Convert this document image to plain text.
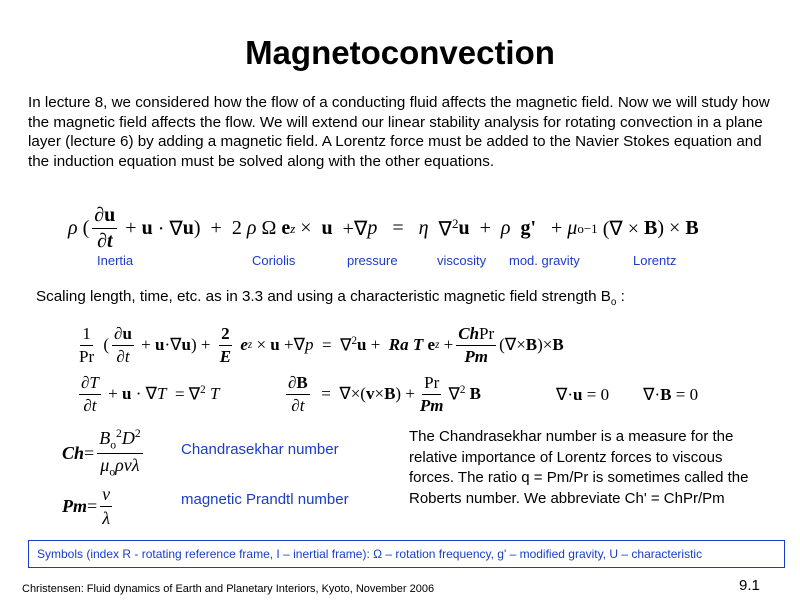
Magnetoconvection

In lecture 8, we considered how the flow of a conducting fluid affects the magnetic field. Now we will study how the magnetic field affects the flow. We will extend our linear stability analysis for rotating convection in a plane layer (lecture 6) by adding a magnetic field. A Lorentz force must be added to the Navier Stokes equation and the induction equation must be solved along with the other equations.

ρ ( $\frac{\partial u}{\partial t} + u$ · ∇ u )  +  2 ρ Ω e z × u +∇ p = η ∇$^2$ u + ρ
g' + μ o −1 (∇ × B ) × B
Inertia	Coriolis	pressure	viscosity mod. gravity	Lorentz
Scaling length, time, etc. as in 3.3 and using a characteristic magnetic field strength $B_o$ :
$\frac{1}{Pr}$ ( $\frac{\partial u}{\partial t} + u$ ·∇ u ) + $\frac{2}{E}$
e z × u +∇ p =  ∇$^2$ u + Ra T
e $z + \frac{\text{ChPr}}{Pm}$ (∇× B )× B
$\frac{\partial T}{\partial t} + u$ · ∇ T = ∇$^2$ T	$\frac{\partial B}{\partial t}$ =  ∇×( v × B ) + $\frac{Pr}{Pm} \nabla^2$ B	∇· u = 0        ∇· B = 0
$Ch = \frac{B_o^2D^2}{\mu_o\rho\nu\lambda}$	Chandrasekhar number
$Pm = \frac{\nu}{\lambda}$	magnetic Prandtl number

The Chandrasekhar number is a measure for the relative importance of Lorentz forces to viscous forces. The ratio q = Pm/Pr is sometimes called the Roberts number. We abbreviate Ch' = ChPr/Pm

Symbols (index R - rotating reference frame, I – inertial frame): Ω – rotation frequency, g' – modified gravity, U – characteristic
Christensen: Fluid dynamics of Earth and Planetary Interiors, Kyoto, November 2006	9.1
